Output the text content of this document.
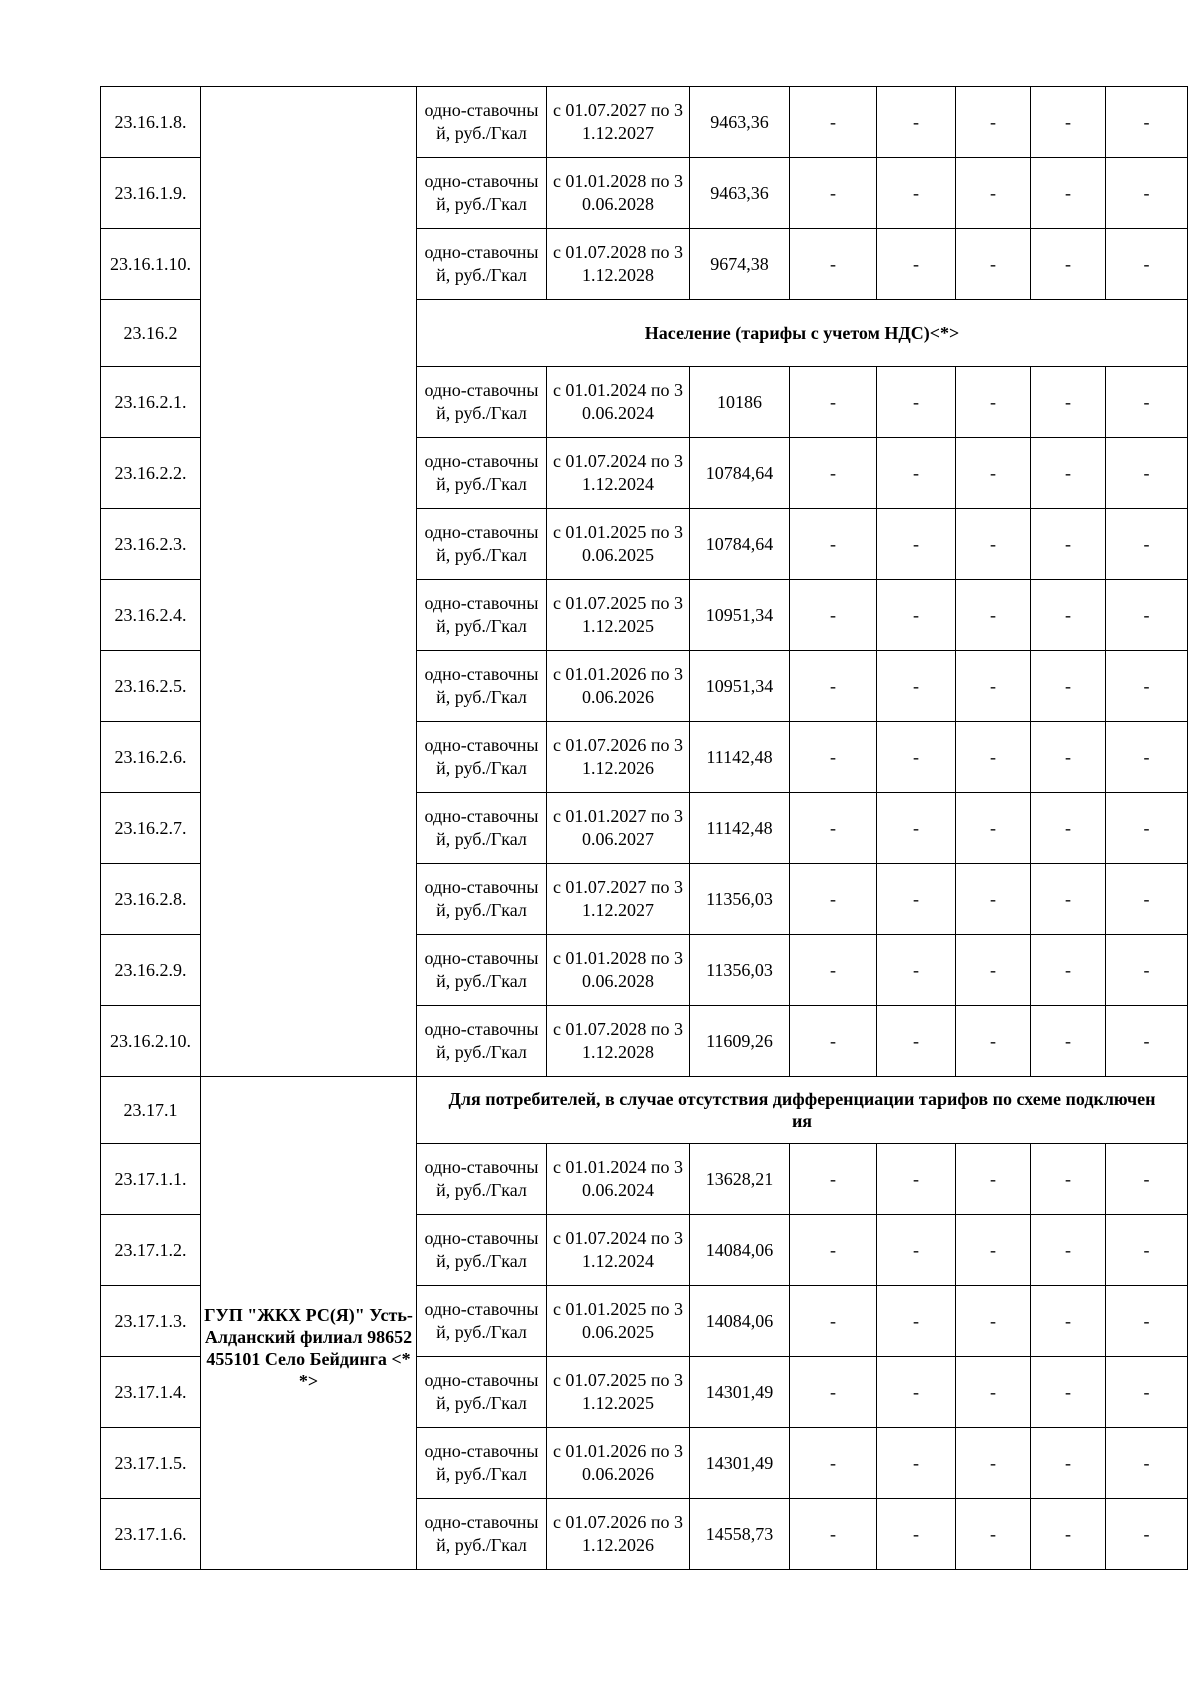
23.16.1.8.		одно-ставочный, руб./Гкал	с 01.07.2027 по 31.12.2027	9463,36	-	-	-	-	-
23.16.1.9.		одно-ставочный, руб./Гкал	с 01.01.2028 по 30.06.2028	9463,36	-	-	-	-	-
23.16.1.10.		одно-ставочный, руб./Гкал	с 01.07.2028 по 31.12.2028	9674,38	-	-	-	-	-
23.16.2		Население (тарифы с учетом НДС)<*>							
23.16.2.1.		одно-ставочный, руб./Гкал	с 01.01.2024 по 30.06.2024	10186	-	-	-	-	-
23.16.2.2.		одно-ставочный, руб./Гкал	с 01.07.2024 по 31.12.2024	10784,64	-	-	-	-	-
23.16.2.3.		одно-ставочный, руб./Гкал	с 01.01.2025 по 30.06.2025	10784,64	-	-	-	-	-
23.16.2.4.		одно-ставочный, руб./Гкал	с 01.07.2025 по 31.12.2025	10951,34	-	-	-	-	-
23.16.2.5.		одно-ставочный, руб./Гкал	с 01.01.2026 по 30.06.2026	10951,34	-	-	-	-	-
23.16.2.6.		одно-ставочный, руб./Гкал	с 01.07.2026 по 31.12.2026	11142,48	-	-	-	-	-
23.16.2.7.		одно-ставочный, руб./Гкал	с 01.01.2027 по 30.06.2027	11142,48	-	-	-	-	-
23.16.2.8.		одно-ставочный, руб./Гкал	с 01.07.2027 по 31.12.2027	11356,03	-	-	-	-	-
23.16.2.9.		одно-ставочный, руб./Гкал	с 01.01.2028 по 30.06.2028	11356,03	-	-	-	-	-
23.16.2.10.		одно-ставочный, руб./Гкал	с 01.07.2028 по 31.12.2028	11609,26	-	-	-	-	-
23.17.1	ГУП "ЖКХ РС(Я)" Усть-Алданский филиал 98652455101 Село Бейдинга <**>	Для потребителей, в случае отсутствия дифференциации тарифов по схеме подключения							
23.17.1.1.		одно-ставочный, руб./Гкал	с 01.01.2024 по 30.06.2024	13628,21	-	-	-	-	-
23.17.1.2.		одно-ставочный, руб./Гкал	с 01.07.2024 по 31.12.2024	14084,06	-	-	-	-	-
23.17.1.3.		одно-ставочный, руб./Гкал	с 01.01.2025 по 30.06.2025	14084,06	-	-	-	-	-
23.17.1.4.		одно-ставочный, руб./Гкал	с 01.07.2025 по 31.12.2025	14301,49	-	-	-	-	-
23.17.1.5.		одно-ставочный, руб./Гкал	с 01.01.2026 по 30.06.2026	14301,49	-	-	-	-	-
23.17.1.6.		одно-ставочный, руб./Гкал	с 01.07.2026 по 31.12.2026	14558,73	-	-	-	-	-
